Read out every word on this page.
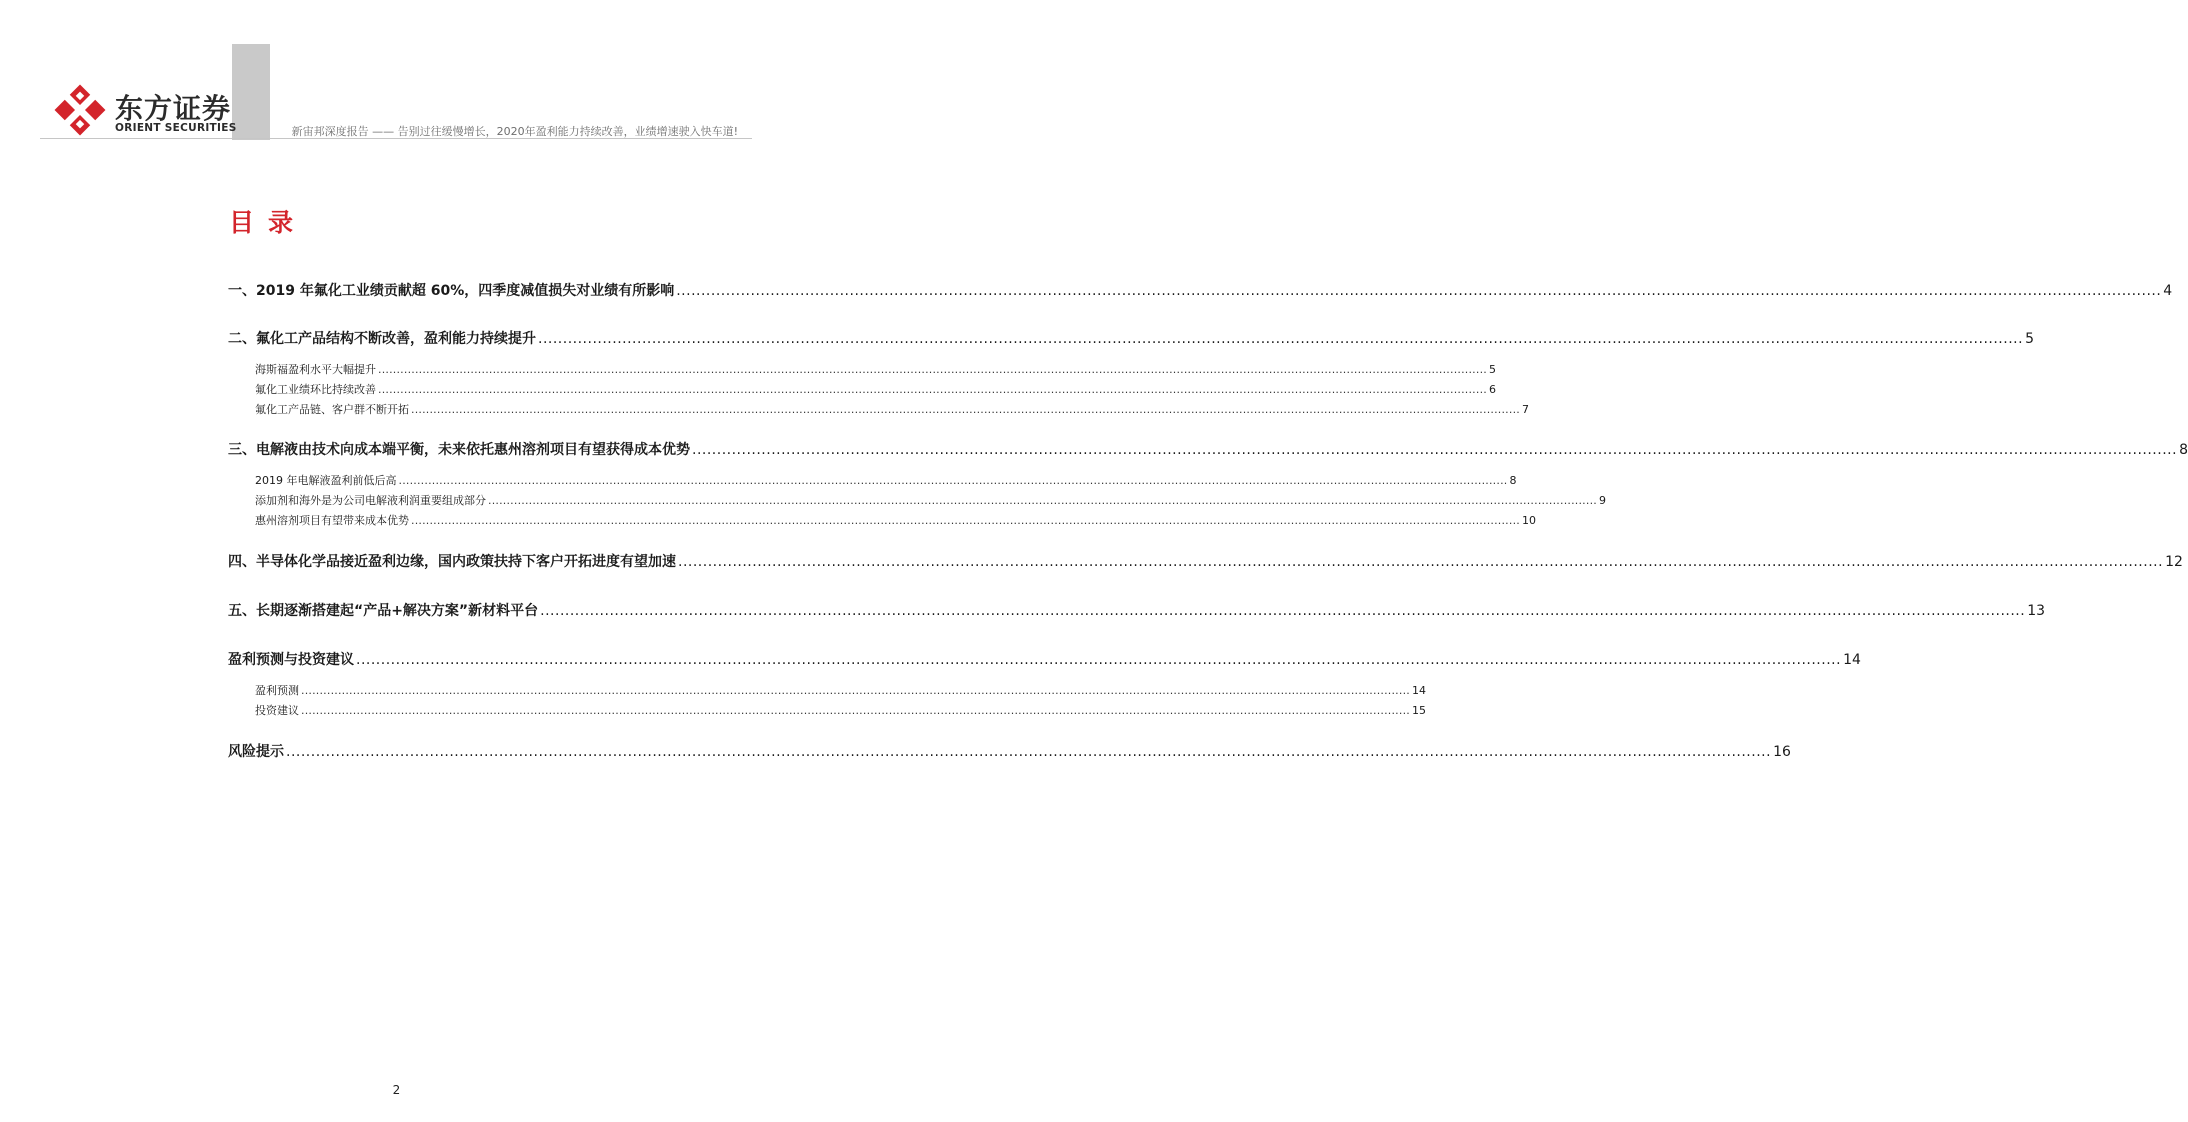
东方证券
ORIENT SECURITIES	新宙邦深度报告 —— 告别过往缓慢增长，2020年盈利能力持续改善，业绩增速驶入快车道!
目录
一、2019 年氟化工业绩贡献超 60%，四季度减值损失对业绩有所影响 ............................................................................................................................................................................................................................................................................................................ 4
二、氟化工产品结构不断改善，盈利能力持续提升 ............................................................................................................................................................................................................................................................................................................ 5
海斯福盈利水平大幅提升 ............................................................................................................................................................................................................................................................................................................ 5
氟化工业绩环比持续改善 ............................................................................................................................................................................................................................................................................................................ 6
氟化工产品链、客户群不断开拓 ............................................................................................................................................................................................................................................................................................................ 7
三、电解液由技术向成本端平衡，未来依托惠州溶剂项目有望获得成本优势 ............................................................................................................................................................................................................................................................................................................ 8
2019 年电解液盈利前低后高 ............................................................................................................................................................................................................................................................................................................ 8
添加剂和海外是为公司电解液利润重要组成部分 ............................................................................................................................................................................................................................................................................................................ 9
惠州溶剂项目有望带来成本优势 ............................................................................................................................................................................................................................................................................................................ 10
四、半导体化学品接近盈利边缘，国内政策扶持下客户开拓进度有望加速 ............................................................................................................................................................................................................................................................................................................ 12
五、长期逐渐搭建起“产品+解决方案”新材料平台 ............................................................................................................................................................................................................................................................................................................ 13
盈利预测与投资建议 ............................................................................................................................................................................................................................................................................................................ 14
盈利预测 ............................................................................................................................................................................................................................................................................................................ 14
投资建议 ............................................................................................................................................................................................................................................................................................................ 15
风险提示 ............................................................................................................................................................................................................................................................................................................ 16
2
